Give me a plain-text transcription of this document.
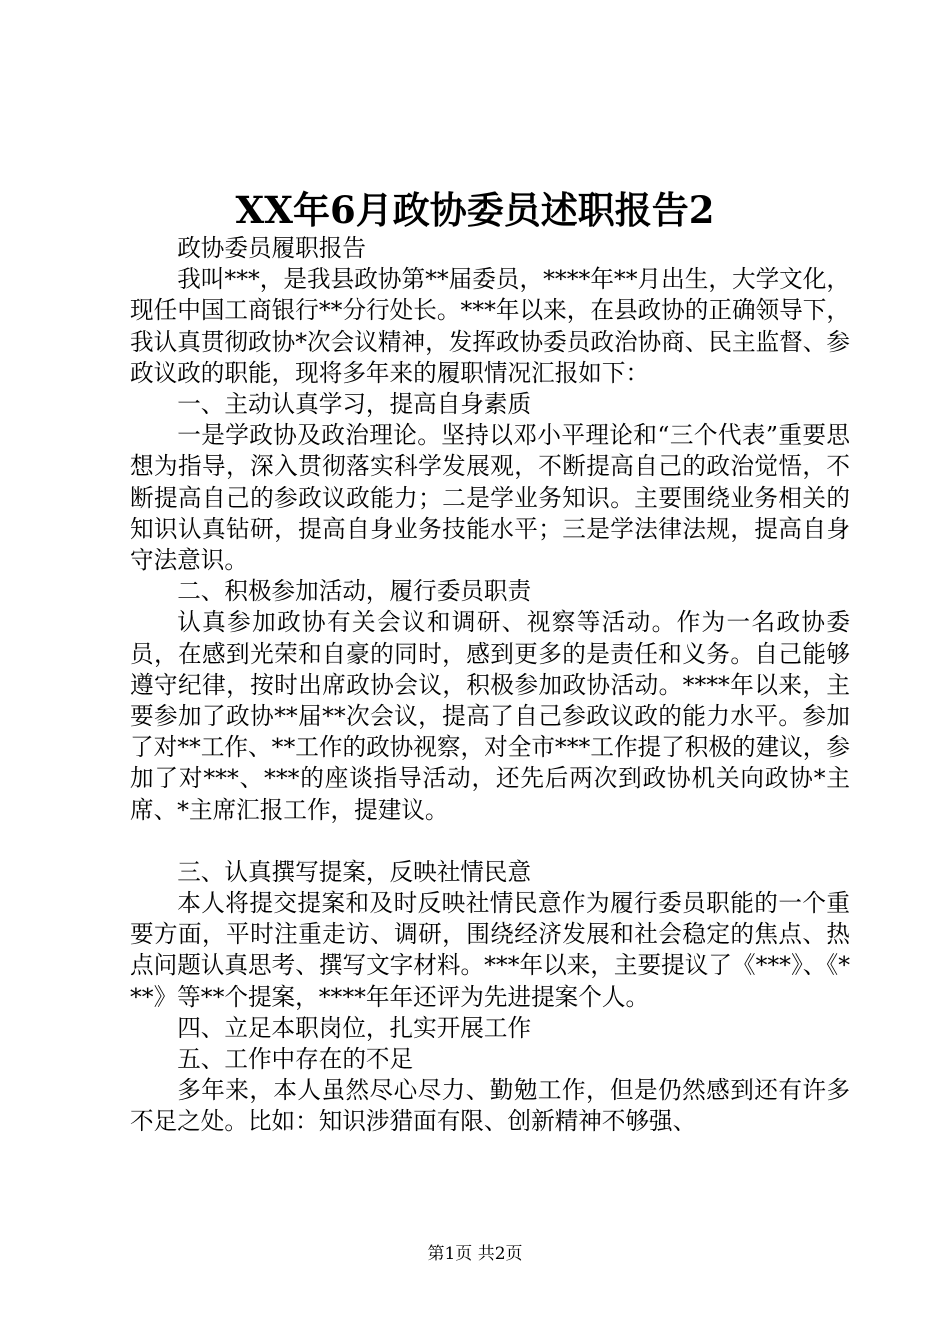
XX年6月政协委员述职报告2

政协委员履职报告

我叫***，是我县政协第**届委员，****年**月出生，大学文化，现任中国工商银行**分行处长。***年以来，在县政协的正确领导下，我认真贯彻政协*次会议精神，发挥政协委员政治协商、民主监督、参政议政的职能，现将多年来的履职情况汇报如下：

一、主动认真学习，提高自身素质

一是学政协及政治理论。坚持以邓小平理论和“三个代表”重要思想为指导，深入贯彻落实科学发展观，不断提高自己的政治觉悟，不断提高自己的参政议政能力；二是学业务知识。主要围绕业务相关的知识认真钻研，提高自身业务技能水平；三是学法律法规，提高自身守法意识。

二、积极参加活动，履行委员职责

认真参加政协有关会议和调研、视察等活动。作为一名政协委员，在感到光荣和自豪的同时，感到更多的是责任和义务。自己能够遵守纪律，按时出席政协会议，积极参加政协活动。****年以来，主要参加了政协**届**次会议，提高了自己参政议政的能力水平。参加了对**工作、**工作的政协视察，对全市***工作提了积极的建议，参加了对***、***的座谈指导活动，还先后两次到政协机关向政协*主席、*主席汇报工作，提建议。

三、认真撰写提案，反映社情民意

本人将提交提案和及时反映社情民意作为履行委员职能的一个重要方面，平时注重走访、调研，围绕经济发展和社会稳定的焦点、热点问题认真思考、撰写文字材料。***年以来，主要提议了《***》、《***》等**个提案，****年年还评为先进提案个人。

四、立足本职岗位，扎实开展工作

五、工作中存在的不足

多年来，本人虽然尽心尽力、勤勉工作，但是仍然感到还有许多不足之处。比如：知识涉猎面有限、创新精神不够强、

第1页 共2页
